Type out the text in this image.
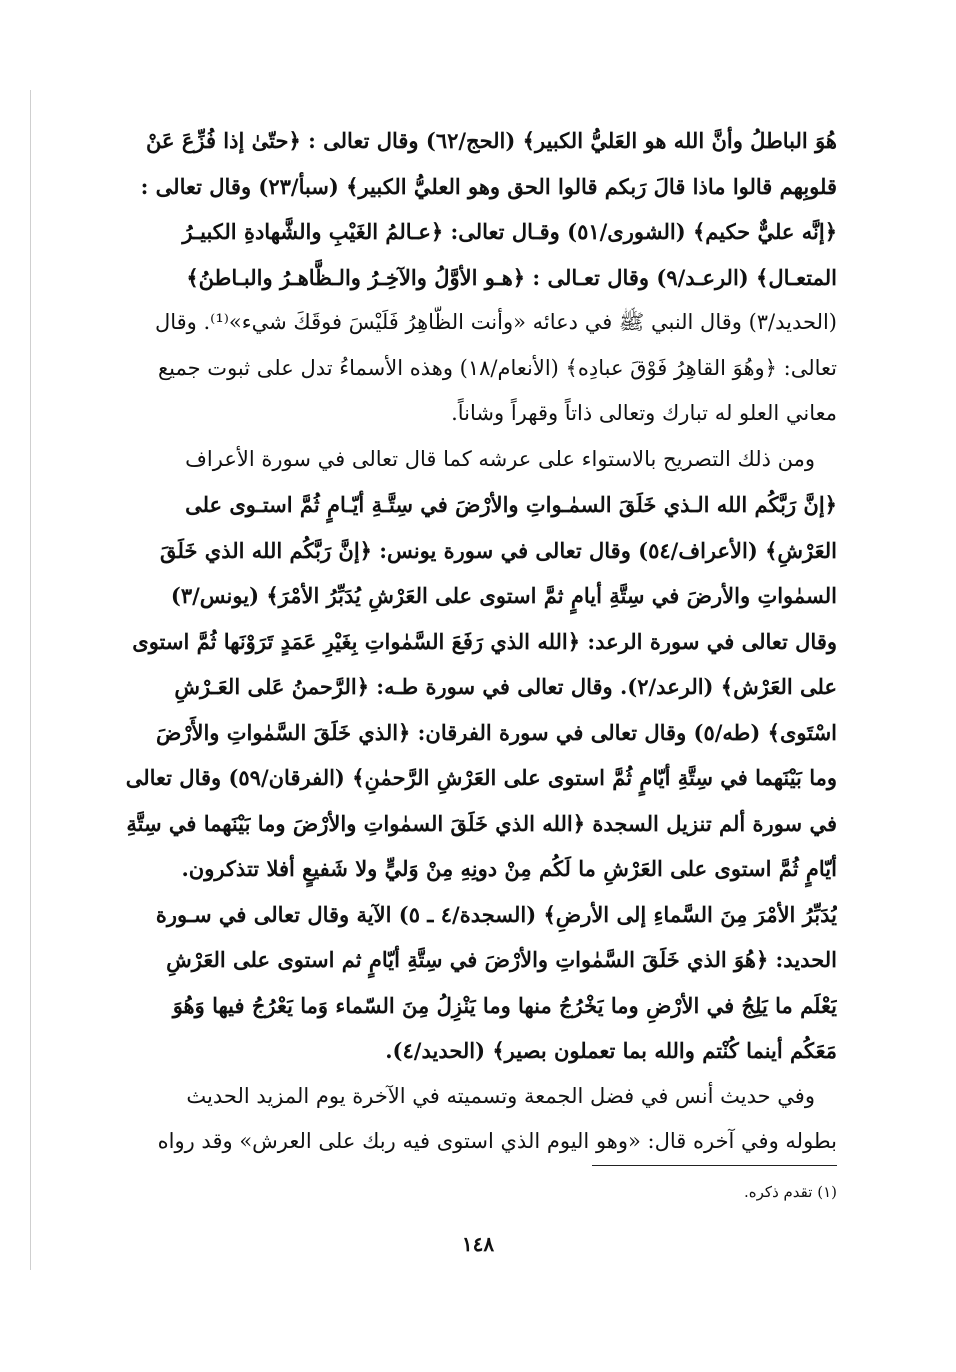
هُوَ الباطلُ وأنَّ الله هو العَليُّ الكبير﴾ (الحج/٦٢) وقال تعالى : ﴿حتّىٰ إذا فُزِّعَ عَنْ
قلوبِهم قالوا ماذا قالَ رَبكم قالوا الحق وهو العليُّ الكبير﴾ (سبأ/٢٣) وقال تعالى :
﴿إنَّه عليٌّ حكيم﴾ (الشورى/٥١) وقـال تعالى: ﴿عـالمُ الغَيْبِ والشَّهادةِ الكبيـرُ
المتعـال﴾ (الرعـد/٩) وقال تعـالى : ﴿هـو الأوَّلُ والآخِـرُ والـظَّاهـرُ والبـاطنُ﴾
(الحديد/٣) وقال النبي ﷺ في دعائه «وأنت الظّاهِرُ فَلَيْسَ فوقَكَ شيء»⁽¹⁾. وقال
تعالى: ﴿وهُوَ القاهِرُ فَوْقَ عبادِه﴾ (الأنعام/١٨) وهذه الأسماءُ تدل على ثبوت جميع
معاني العلو له تبارك وتعالى ذاتاً وقهراً وشاناً.
ومن ذلك التصريح بالاستواء على عرشه كما قال تعالى في سورة الأعراف
﴿إنَّ رَبَّكُم الله الـذي خَلَقَ السمٰـواتِ والأرْضَ في سِتَّـةِ أيّـامٍ ثُمَّ استـوى على
العَرْشِ﴾ (الأعراف/٥٤) وقال تعالى في سورة يونس: ﴿إنَّ رَبَّكُم الله الذي خَلَقَ
السمٰواتِ والأرضَ في سِتَّةِ أيامٍ ثمَّ استوى على العَرْشِ يُدَبِّرُ الأمْرَ﴾ (يونس/٣)
وقال تعالى في سورة الرعد: ﴿الله الذي رَفَعَ السَّمٰواتِ بِغَيْرِ عَمَدٍ تَرَوْنَها ثُمَّ استوى
على العَرْش﴾ (الرعد/٢). وقال تعالى في سورة طـه: ﴿الرَّحمنُ عَلى العَـرْشِ
اسْتَوى﴾ (طه/٥) وقال تعالى في سورة الفرقان: ﴿الذي خَلَقَ السَّمٰواتِ والأَرْضَ
وما بَيْنَهما في سِتَّةِ أيّامٍ ثُمَّ استوى على العَرْشِ الرَّحمٰنِ﴾ (الفرقان/٥٩) وقال تعالى
في سورة ألم تنزيل السجدة ﴿الله الذي خَلَقَ السمٰواتِ والأرْضَ وما بَيْنَهما في سِتَّةِ
أيّامٍ ثُمَّ استوى على العَرْشِ ما لَكُم مِنْ دونِهِ مِنْ وَليٍّ ولا شَفيعٍ أفلا تتذكرون.
يُدَبِّرُ الأمْرَ مِنَ السَّماءِ إلى الأرضِ﴾ (السجدة/٤ ـ ٥) الآية وقال تعالى في سـورة
الحديد: ﴿هُوَ الذي خَلَقَ السَّمٰواتِ والأرْضَ في سِتَّةِ أيّامٍ ثم استوى على العَرْشِ
يَعْلَم ما يَلِجُ في الأرْضِ وما يَخْرُجُ منها وما يَنْزِلُ مِنَ السّماء وَما يَعْرُجُ فيها وَهُوَ
مَعَكُم أينما كُنْتم والله بما تعملون بصير﴾ (الحديد/٤).
وفي حديث أنس في فضل الجمعة وتسميته في الآخرة يوم المزيد الحديث
بطوله وفي آخره قال: «وهو اليوم الذي استوى فيه ربك على العرش» وقد رواه
(١) تقدم ذكره.
١٤٨
